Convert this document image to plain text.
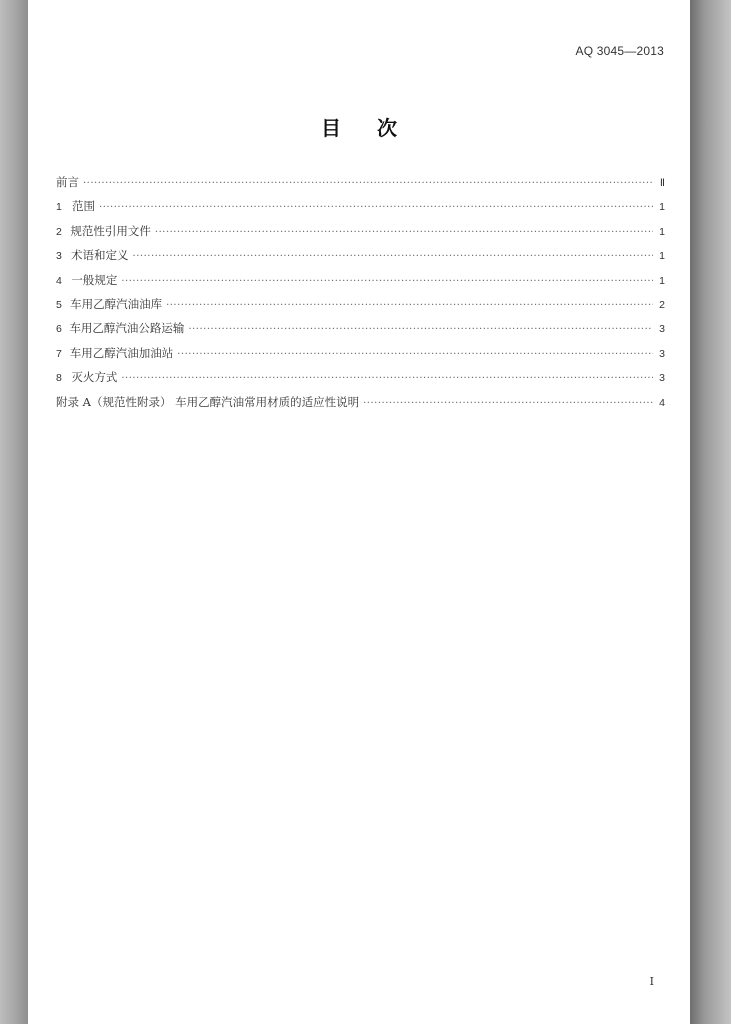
AQ 3045—2013
目次
前言 ·····	Ⅱ
1 范围 ·····	1
2 规范性引用文件 ·····	1
3 术语和定义 ·····	1
4 一般规定 ·····	1
5 车用乙醇汽油油库 ·····	2
6 车用乙醇汽油公路运输 ·····	3
7 车用乙醇汽油加油站 ·····	3
8 灭火方式 ·····	3
附录 A（规范性附录） 车用乙醇汽油常用材质的适应性说明 ·····	4
Ⅰ
